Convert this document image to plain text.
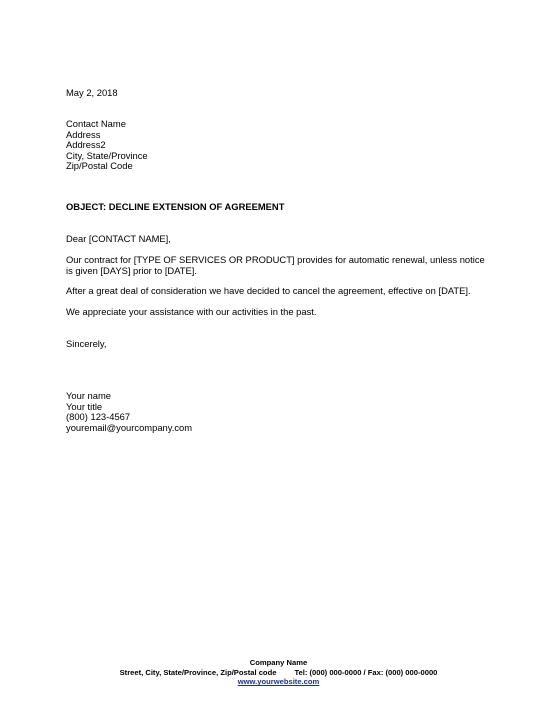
May 2, 2018
Contact Name
Address
Address2
City, State/Province
Zip/Postal Code
OBJECT: DECLINE EXTENSION OF AGREEMENT
Dear [CONTACT NAME],
Our contract for [TYPE OF SERVICES OR PRODUCT] provides for automatic renewal, unless notice is given [DAYS] prior to [DATE].
After a great deal of consideration we have decided to cancel the agreement, effective on [DATE].
We appreciate your assistance with our activities in the past.
Sincerely,
Your name
Your title
(800) 123-4567
youremail@yourcompany.com
Company Name
Street, City, State/Province, Zip/Postal code Tel: (000) 000-0000 / Fax: (000) 000-0000
www.yourwebsite.com
